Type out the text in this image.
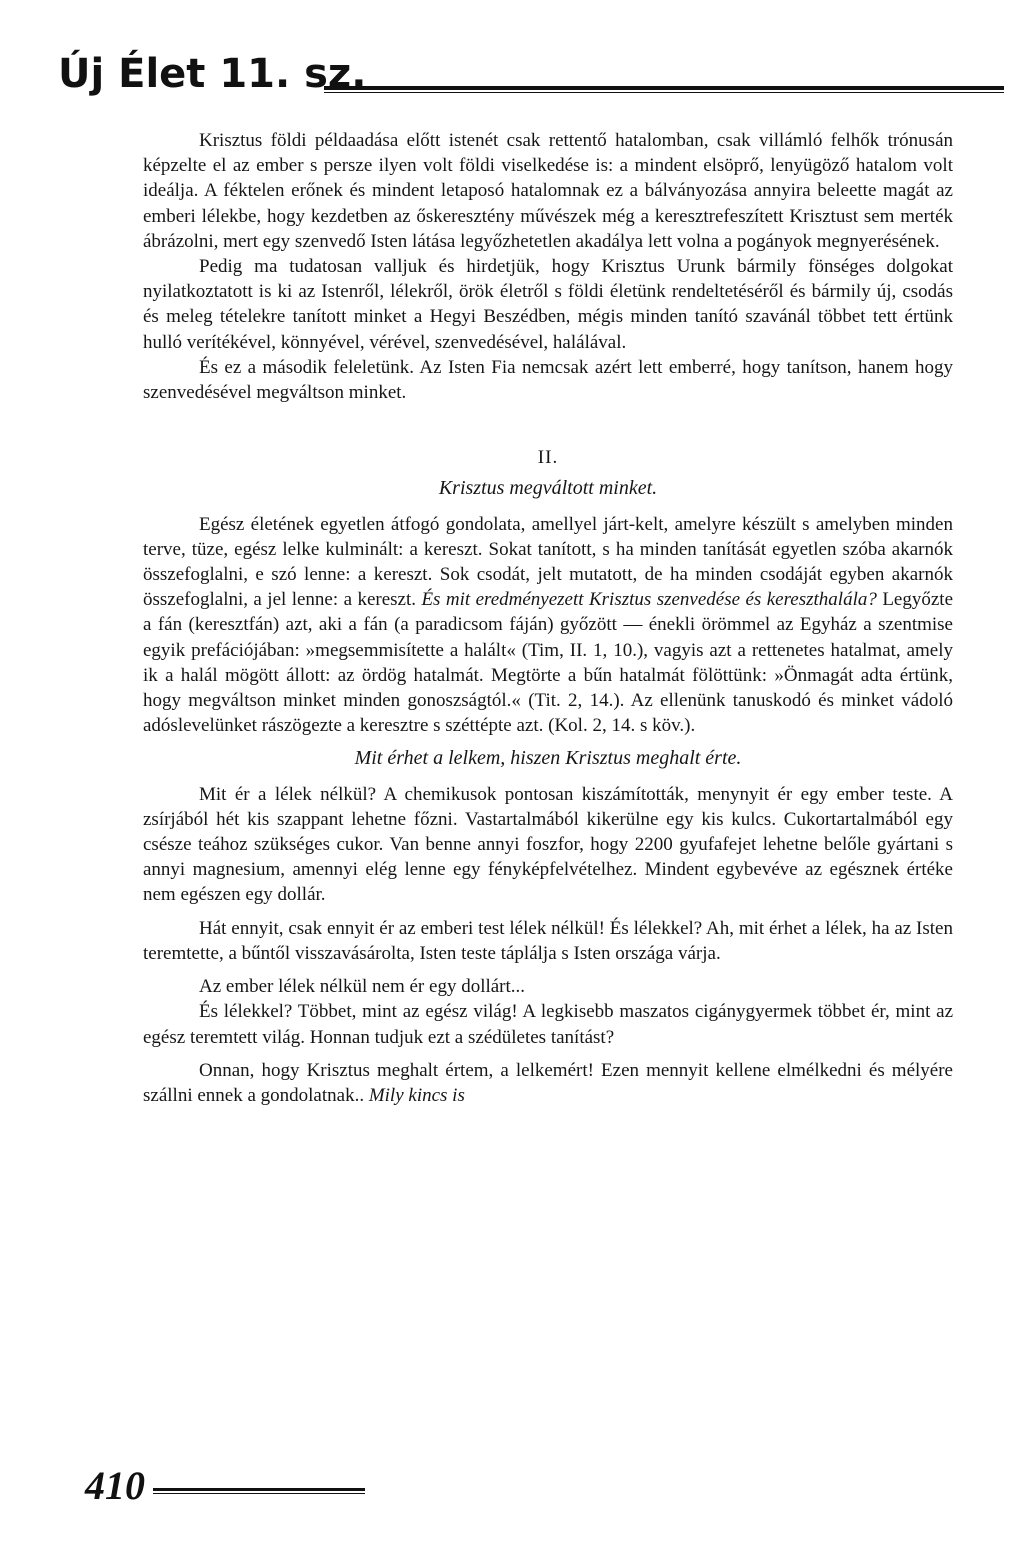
Új Élet 11. sz.

Krisztus földi példaadása előtt istenét csak rettentő hatalomban, csak villámló felhők trónusán képzelte el az ember s persze ilyen volt földi viselkedése is: a mindent elsöprő, lenyügöző hatalom volt ideálja. A féktelen erőnek és mindent letaposó hatalomnak ez a bálványozása annyira beleette magát az emberi lélekbe, hogy kezdetben az őskeresztény művészek még a keresztrefeszített Krisztust sem merték ábrázolni, mert egy szenvedő Isten látása legyőzhetetlen akadálya lett volna a pogányok megnyerésének.

Pedig ma tudatosan valljuk és hirdetjük, hogy Krisztus Urunk bármily fönséges dolgokat nyilatkoztatott is ki az Istenről, lélekről, örök életről s földi életünk rendeltetéséről és bármily új, csodás és meleg tételekre tanított minket a Hegyi Beszédben, mégis minden tanító szavánál többet tett értünk hulló verítékével, könnyével, vérével, szenvedésével, halálával.

És ez a második feleletünk. Az Isten Fia nemcsak azért lett emberré, hogy tanítson, hanem hogy szenvedésével megváltson minket.

II.

Krisztus megváltott minket.

Egész életének egyetlen átfogó gondolata, amellyel járt-kelt, amelyre készült s amelyben minden terve, tüze, egész lelke kulminált: a kereszt. Sokat tanított, s ha minden tanítását egyetlen szóba akarnók összefoglalni, e szó lenne: a kereszt. Sok csodát, jelt mutatott, de ha minden csodáját egyben akarnók összefoglalni, a jel lenne: a kereszt. És mit eredményezett Krisztus szenvedése és kereszthalála? Legyőzte a fán (keresztfán) azt, aki a fán (a paradicsom fáján) győzött — énekli örömmel az Egyház a szentmise egyik prefációjában: »megsemmisítette a halált« (Tim, II. 1, 10.), vagyis azt a rettenetes hatalmat, amely ik a halál mögött állott: az ördög hatalmát. Megtörte a bűn hatalmát fölöttünk: »Önmagát adta értünk, hogy megváltson minket minden gonoszságtól.« (Tit. 2, 14.). Az ellenünk tanuskodó és minket vádoló adóslevelünket rászögezte a keresztre s széttépte azt. (Kol. 2, 14. s köv.).

Mit érhet a lelkem, hiszen Krisztus meghalt érte.

Mit ér a lélek nélkül? A chemikusok pontosan kiszámították, menynyit ér egy ember teste. A zsírjából hét kis szappant lehetne főzni. Vastartalmából kikerülne egy kis kulcs. Cukortartalmából egy csésze teához szükséges cukor. Van benne annyi foszfor, hogy 2200 gyufafejet lehetne belőle gyártani s annyi magnesium, amennyi elég lenne egy fényképfelvételhez. Mindent egybevéve az egésznek értéke nem egészen egy dollár.

Hát ennyit, csak ennyit ér az emberi test lélek nélkül! És lélekkel? Ah, mit érhet a lélek, ha az Isten teremtette, a bűntől visszavásárolta, Isten teste táplálja s Isten országa várja.

Az ember lélek nélkül nem ér egy dollárt...

És lélekkel? Többet, mint az egész világ! A legkisebb maszatos cigánygyermek többet ér, mint az egész teremtett világ. Honnan tudjuk ezt a szédületes tanítást?

Onnan, hogy Krisztus meghalt értem, a lelkemért! Ezen mennyit kellene elmélkedni és mélyére szállni ennek a gondolatnak.. Mily kincs is

410
